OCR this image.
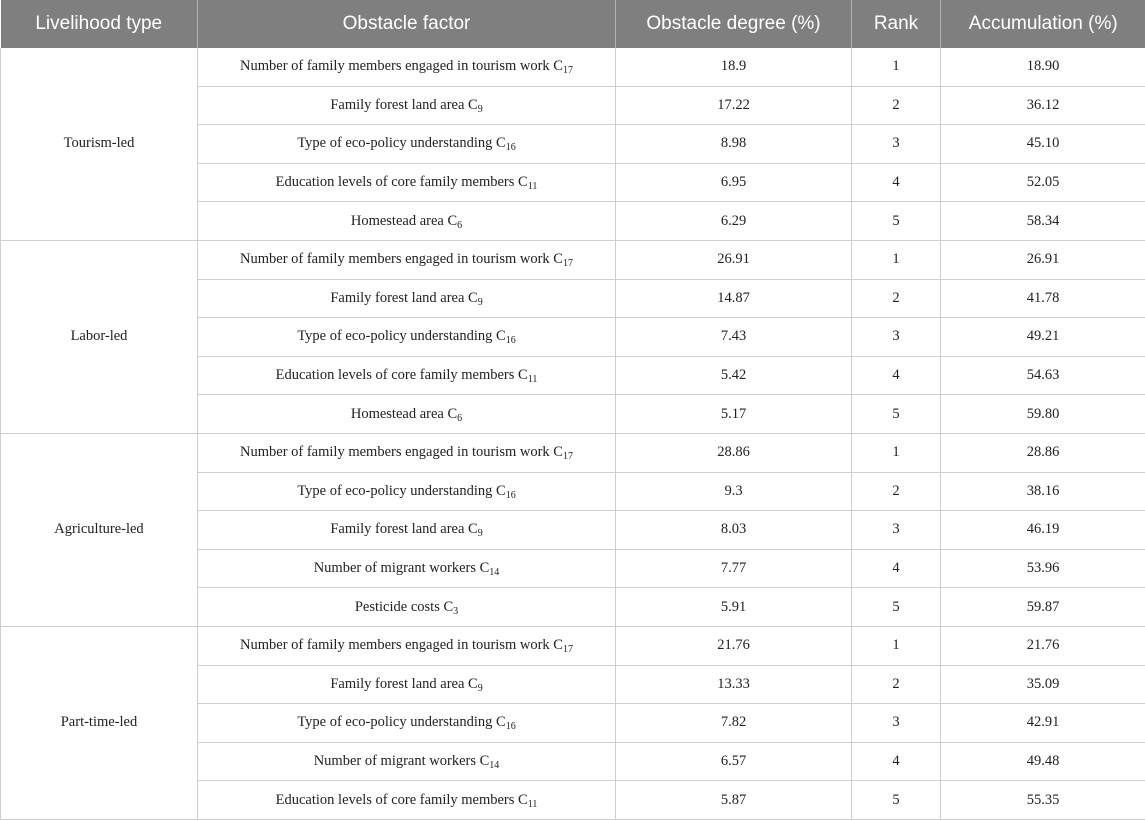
Livelihood type	Obstacle factor	Obstacle degree (%)	Rank	Accumulation (%)
	Number of family members engaged in tourism work $C_{17}$	18.9	1	18.90
	Family forest land area $C_9$	17.22	2	36.12
Tourism-led	Type of eco-policy understanding $C_{16}$	8.98	3	45.10
	Education levels of core family members $C_{11}$	6.95	4	52.05
	Homestead area $C_6$	6.29	5	58.34
	Number of family members engaged in tourism work $C_{17}$	26.91	1	26.91
	Family forest land area $C_9$	14.87	2	41.78
Labor-led	Type of eco-policy understanding $C_{16}$	7.43	3	49.21
	Education levels of core family members $C_{11}$	5.42	4	54.63
	Homestead area $C_6$	5.17	5	59.80
	Number of family members engaged in tourism work $C_{17}$	28.86	1	28.86
	Type of eco-policy understanding $C_{16}$	9.3	2	38.16
Agriculture-led	Family forest land area $C_9$	8.03	3	46.19
	Number of migrant workers $C_{14}$	7.77	4	53.96
	Pesticide costs $C_3$	5.91	5	59.87
	Number of family members engaged in tourism work $C_{17}$	21.76	1	21.76
	Family forest land area $C_9$	13.33	2	35.09
Part-time-led	Type of eco-policy understanding $C_{16}$	7.82	3	42.91
	Number of migrant workers $C_{14}$	6.57	4	49.48
	Education levels of core family members $C_{11}$	5.87	5	55.35
